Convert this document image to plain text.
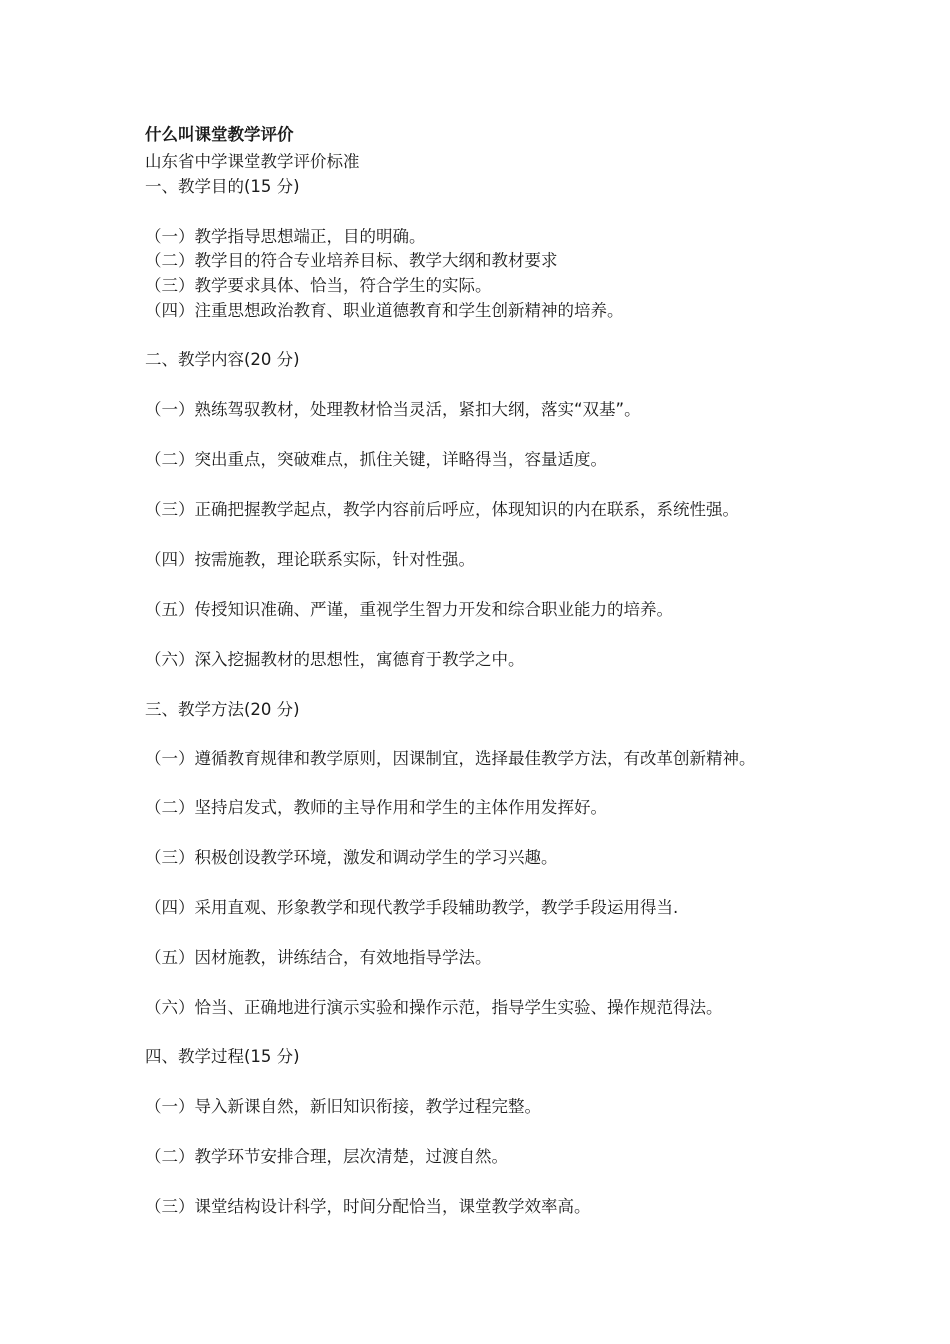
什么叫课堂教学评价

山东省中学课堂教学评价标准

一、教学目的(15 分)

（一）教学指导思想端正，目的明确。

（二）教学目的符合专业培养目标、教学大纲和教材要求

（三）教学要求具体、恰当，符合学生的实际。

（四）注重思想政治教育、职业道德教育和学生创新精神的培养。

二、教学内容(20 分)

（一）熟练驾驭教材，处理教材恰当灵活，紧扣大纲，落实“双基”。

（二）突出重点，突破难点，抓住关键，详略得当，容量适度。

（三）正确把握教学起点，教学内容前后呼应，体现知识的内在联系，系统性强。

（四）按需施教，理论联系实际，针对性强。

（五）传授知识准确、严谨，重视学生智力开发和综合职业能力的培养。

（六）深入挖掘教材的思想性，寓德育于教学之中。

三、教学方法(20 分)

（一）遵循教育规律和教学原则，因课制宜，选择最佳教学方法，有改革创新精神。

（二）坚持启发式，教师的主导作用和学生的主体作用发挥好。

（三）积极创设教学环境，激发和调动学生的学习兴趣。

（四）采用直观、形象教学和现代教学手段辅助教学，教学手段运用得当.

（五）因材施教，讲练结合，有效地指导学法。

（六）恰当、正确地进行演示实验和操作示范，指导学生实验、操作规范得法。

四、教学过程(15 分)

（一）导入新课自然，新旧知识衔接，教学过程完整。

（二）教学环节安排合理，层次清楚，过渡自然。

（三）课堂结构设计科学，时间分配恰当，课堂教学效率高。
